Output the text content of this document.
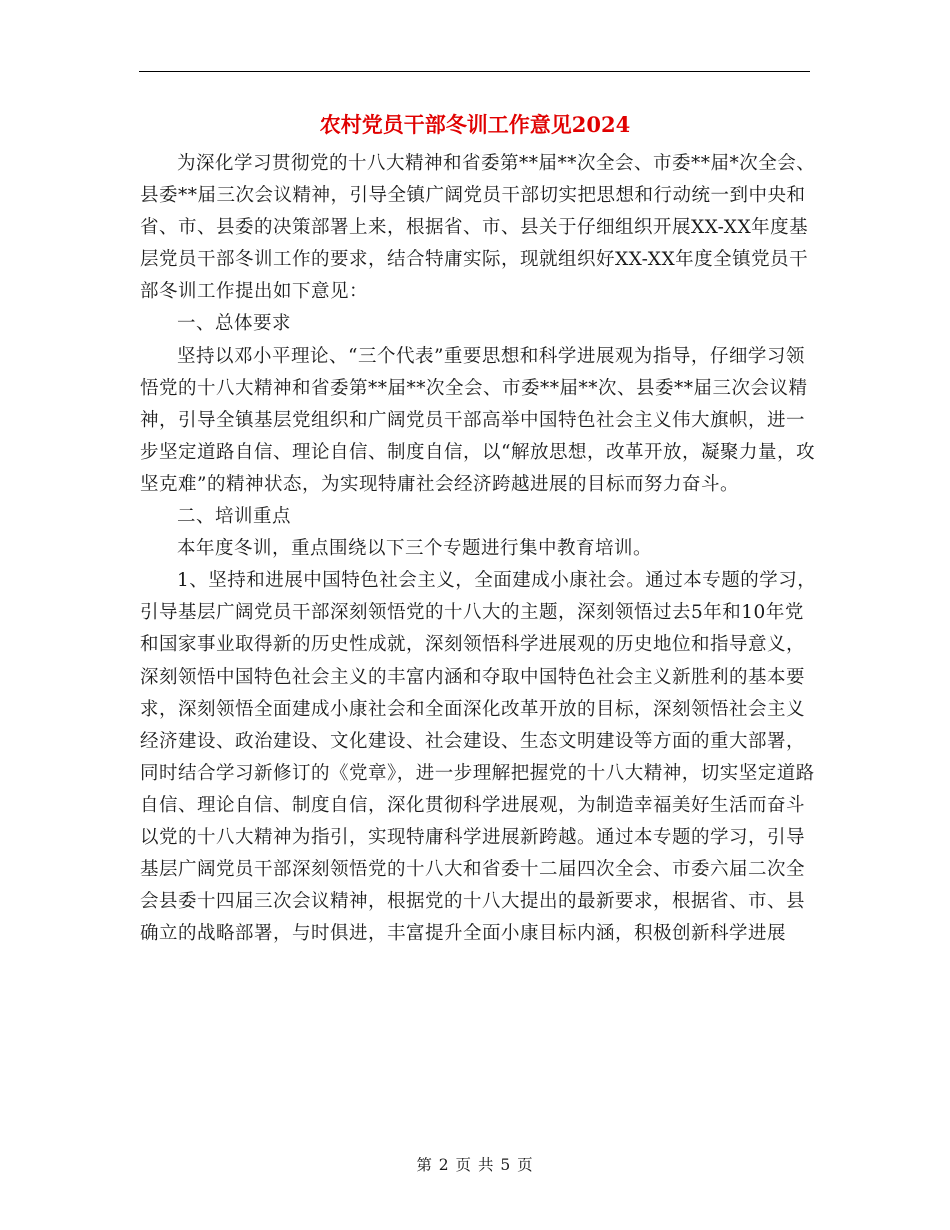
农村党员干部冬训工作意见2024

为深化学习贯彻党的十八大精神和省委第**届**次全会、市委**届*次全会、县委**届三次会议精神，引导全镇广阔党员干部切实把思想和行动统一到中央和省、市、县委的决策部署上来，根据省、市、县关于仔细组织开展XX-XX年度基层党员干部冬训工作的要求，结合特庸实际，现就组织好XX-XX年度全镇党员干部冬训工作提出如下意见：

一、总体要求

坚持以邓小平理论、“三个代表”重要思想和科学进展观为指导，仔细学习领悟党的十八大精神和省委第**届**次全会、市委**届**次、县委**届三次会议精神，引导全镇基层党组织和广阔党员干部高举中国特色社会主义伟大旗帜，进一步坚定道路自信、理论自信、制度自信，以“解放思想，改革开放，凝聚力量，攻坚克难”的精神状态，为实现特庸社会经济跨越进展的目标而努力奋斗。

二、培训重点

本年度冬训，重点围绕以下三个专题进行集中教育培训。

1、坚持和进展中国特色社会主义，全面建成小康社会。通过本专题的学习，引导基层广阔党员干部深刻领悟党的十八大的主题，深刻领悟过去5年和10年党和国家事业取得新的历史性成就，深刻领悟科学进展观的历史地位和指导意义，深刻领悟中国特色社会主义的丰富内涵和夺取中国特色社会主义新胜利的基本要求，深刻领悟全面建成小康社会和全面深化改革开放的目标，深刻领悟社会主义经济建设、政治建设、文化建设、社会建设、生态文明建设等方面的重大部署，同时结合学习新修订的《党章》，进一步理解把握党的十八大精神，切实坚定道路自信、理论自信、制度自信，深化贯彻科学进展观，为制造幸福美好生活而奋斗以党的十八大精神为指引，实现特庸科学进展新跨越。通过本专题的学习，引导基层广阔党员干部深刻领悟党的十八大和省委十二届四次全会、市委六届二次全会县委十四届三次会议精神，根据党的十八大提出的最新要求，根据省、市、县确立的战略部署，与时俱进，丰富提升全面小康目标内涵，积极创新科学进展

第 2 页 共 5 页
